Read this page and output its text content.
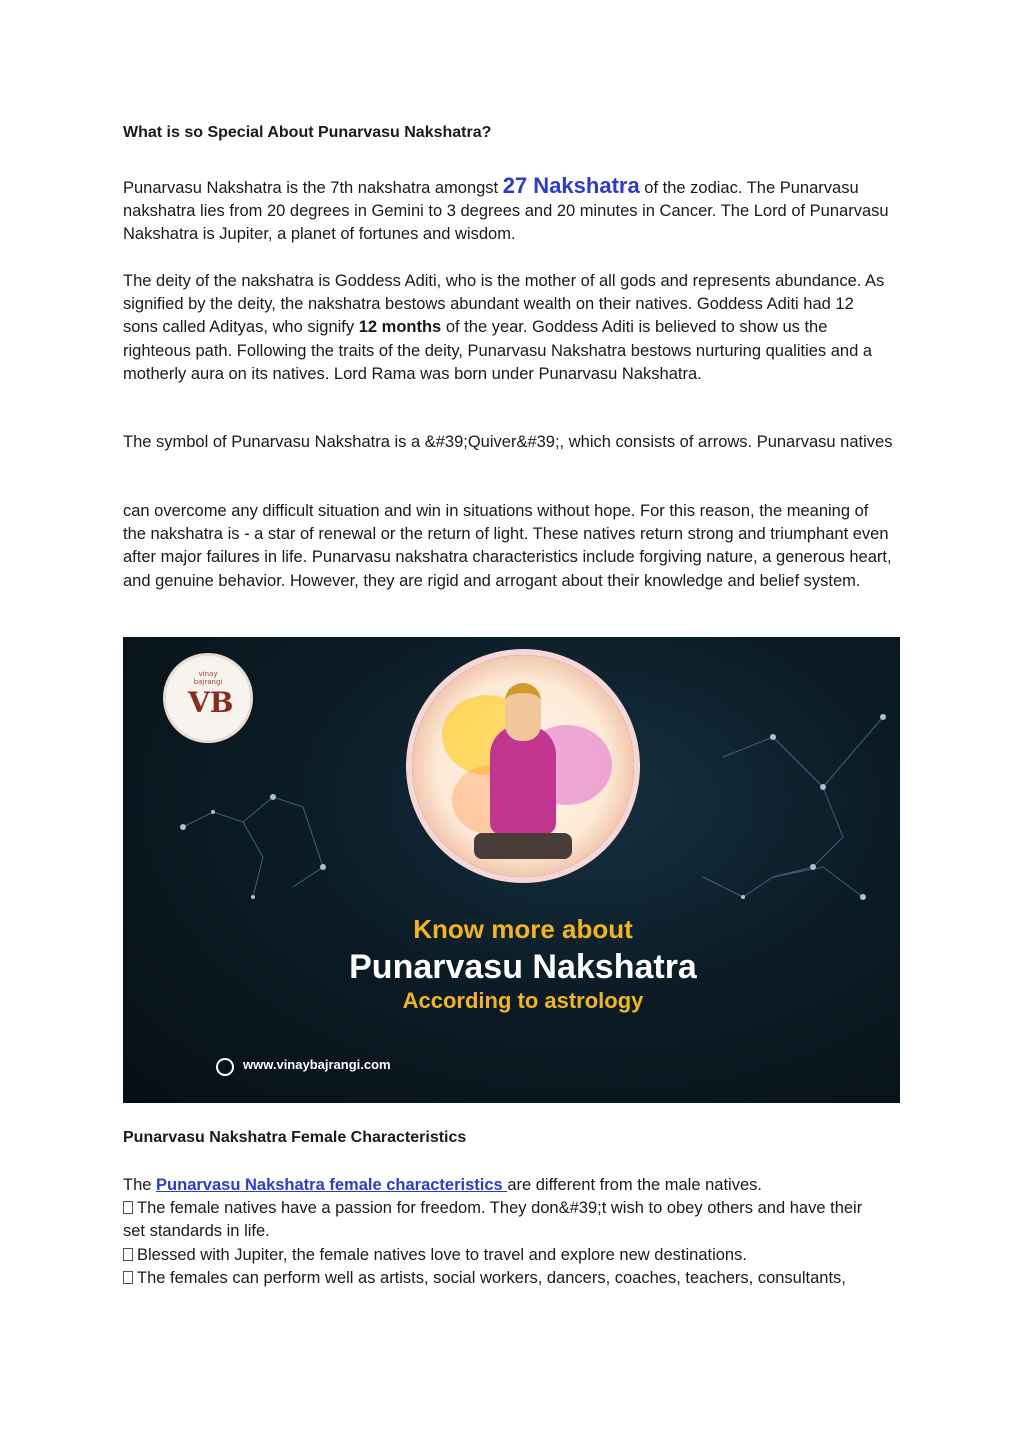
What is so Special About Punarvasu Nakshatra?

Punarvasu Nakshatra is the 7th nakshatra amongst 27 Nakshatra of the zodiac. The Punarvasu nakshatra lies from 20 degrees in Gemini to 3 degrees and 20 minutes in Cancer. The Lord of Punarvasu Nakshatra is Jupiter, a planet of fortunes and wisdom.

The deity of the nakshatra is Goddess Aditi, who is the mother of all gods and represents abundance. As signified by the deity, the nakshatra bestows abundant wealth on their natives. Goddess Aditi had 12 sons called Adityas, who signify 12 months of the year. Goddess Aditi is believed to show us the righteous path. Following the traits of the deity, Punarvasu Nakshatra bestows nurturing qualities and a motherly aura on its natives. Lord Rama was born under Punarvasu Nakshatra.

The symbol of Punarvasu Nakshatra is a &#39;Quiver&#39;, which consists of arrows. Punarvasu natives

can overcome any difficult situation and win in situations without hope. For this reason, the meaning of the nakshatra is - a star of renewal or the return of light. These natives return strong and triumphant even after major failures in life. Punarvasu nakshatra characteristics include forgiving nature, a generous heart, and genuine behavior. However, they are rigid and arrogant about their knowledge and belief system.

Punarvasu Nakshatra Female Characteristics
The Punarvasu Nakshatra female characteristics are different from the male natives.
The female natives have a passion for freedom. They don&#39;t wish to obey others and have their
set standards in life.
Blessed with Jupiter, the female natives love to travel and explore new destinations.
The females can perform well as artists, social workers, dancers, coaches, teachers, consultants,
vinay bajrangi
VB
Know more about
Punarvasu Nakshatra
According to astrology
www.vinaybajrangi.com
